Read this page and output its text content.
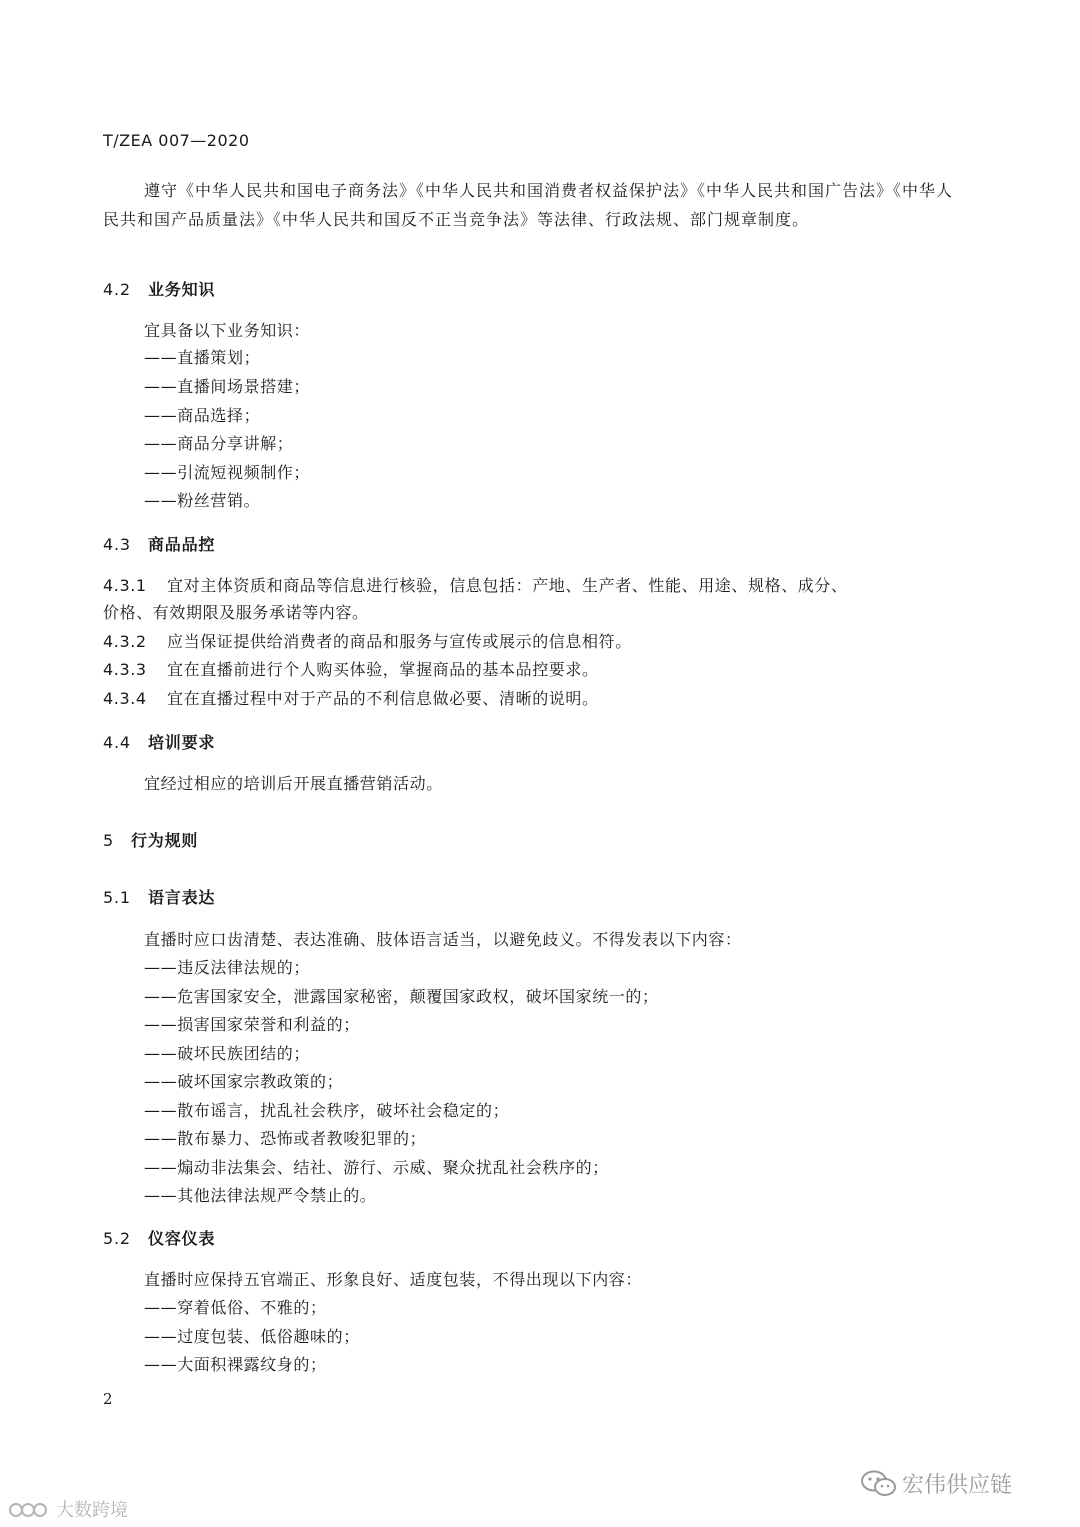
T/ZEA 007—2020
遵守《中华人民共和国电子商务法》《中华人民共和国消费者权益保护法》《中华人民共和国广告法》《中华人民共和国产品质量法》《中华人民共和国反不正当竞争法》等法律、行政法规、部门规章制度。
4.2 业务知识
宜具备以下业务知识：
——直播策划；
——直播间场景搭建；
——商品选择；
——商品分享讲解；
——引流短视频制作；
——粉丝营销。
4.3 商品品控
4.3.1 宜对主体资质和商品等信息进行核验，信息包括：产地、生产者、性能、用途、规格、成分、
价格、有效期限及服务承诺等内容。
4.3.2 应当保证提供给消费者的商品和服务与宣传或展示的信息相符。
4.3.3 宜在直播前进行个人购买体验，掌握商品的基本品控要求。
4.3.4 宜在直播过程中对于产品的不利信息做必要、清晰的说明。
4.4 培训要求
宜经过相应的培训后开展直播营销活动。
5 行为规则
5.1 语言表达
直播时应口齿清楚、表达准确、肢体语言适当，以避免歧义。不得发表以下内容：
——违反法律法规的；
——危害国家安全，泄露国家秘密，颠覆国家政权，破坏国家统一的；
——损害国家荣誉和利益的；
——破坏民族团结的；
——破坏国家宗教政策的；
——散布谣言，扰乱社会秩序，破坏社会稳定的；
——散布暴力、恐怖或者教唆犯罪的；
——煽动非法集会、结社、游行、示威、聚众扰乱社会秩序的；
——其他法律法规严令禁止的。
5.2 仪容仪表
直播时应保持五官端正、形象良好、适度包装，不得出现以下内容：
——穿着低俗、不雅的；
——过度包装、低俗趣味的；
——大面积裸露纹身的；
2
宏伟供应链
大数跨境
